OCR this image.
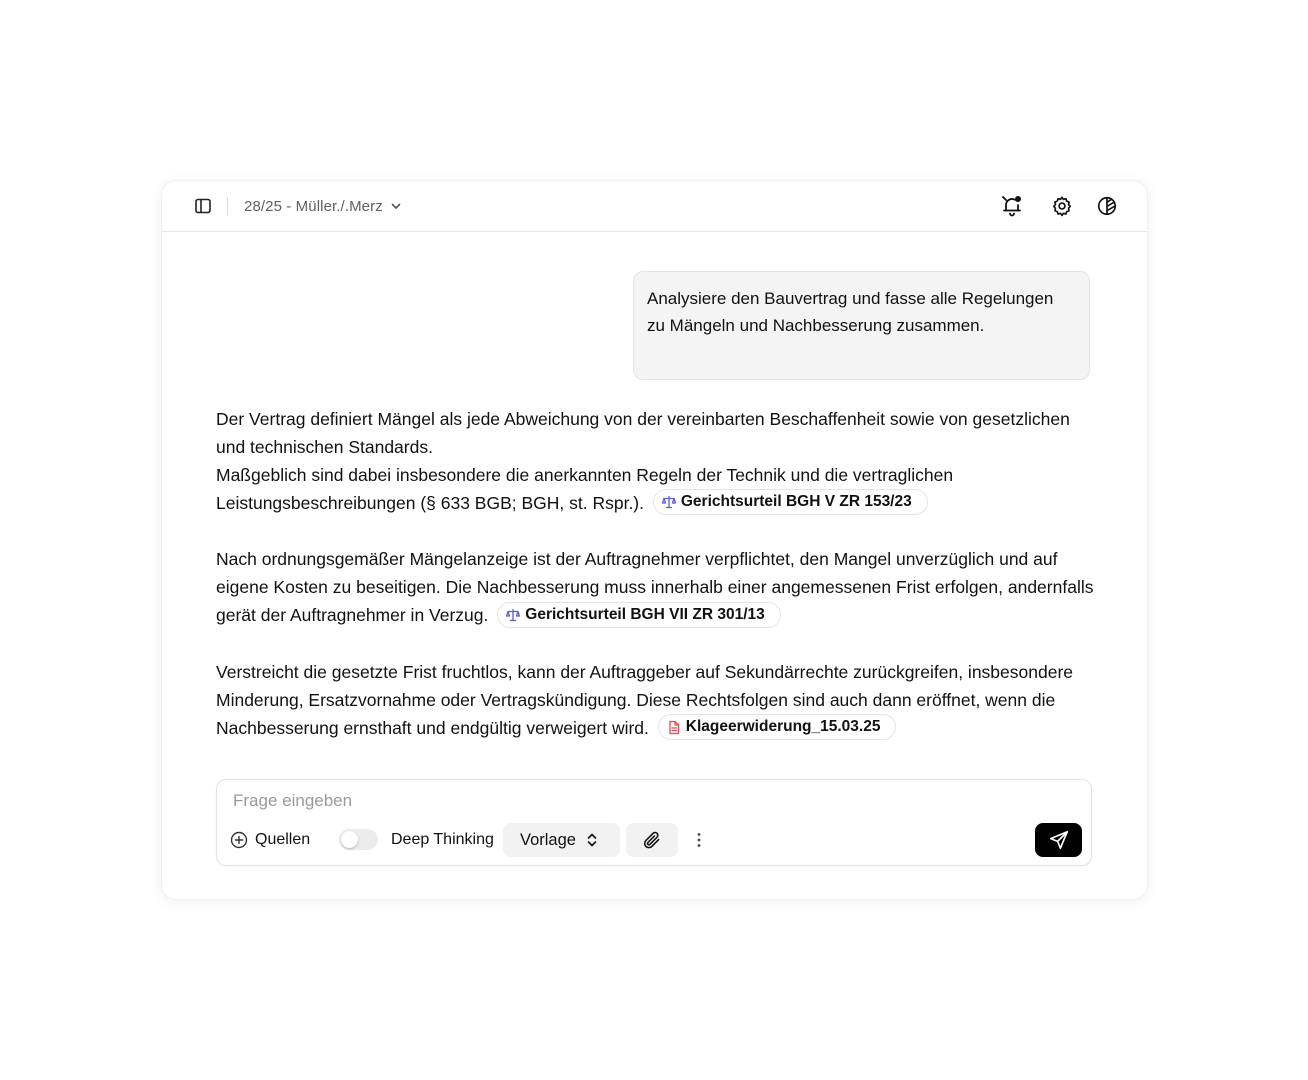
28/25 - Müller./.Merz
Analysiere den Bauvertrag und fasse alle Regelungen zu Mängeln und Nachbesserung zusammen.

Der Vertrag definiert Mängel als jede Abweichung von der vereinbarten Beschaffenheit sowie von gesetzlichen und technischen Standards.
Maßgeblich sind dabei insbesondere die anerkannten Regeln der Technik und die vertraglichen Leistungsbeschreibungen (§ 633 BGB; BGH, st. Rspr.). Gerichtsurteil BGH V ZR 153/23

Nach ordnungsgemäßer Mängelanzeige ist der Auftragnehmer verpflichtet, den Mangel unverzüglich und auf eigene Kosten zu beseitigen. Die Nachbesserung muss innerhalb einer angemessenen Frist erfolgen, andernfalls gerät der Auftragnehmer in Verzug. Gerichtsurteil BGH VII ZR 301/13

Verstreicht die gesetzte Frist fruchtlos, kann der Auftraggeber auf Sekundärrechte zurückgreifen, insbesondere Minderung, Ersatzvornahme oder Vertragskündigung. Diese Rechtsfolgen sind auch dann eröffnet, wenn die Nachbesserung ernsthaft und endgültig verweigert wird. Klageerwiderung_15.03.25

Frage eingeben
Quellen	Deep Thinking Vorlage
